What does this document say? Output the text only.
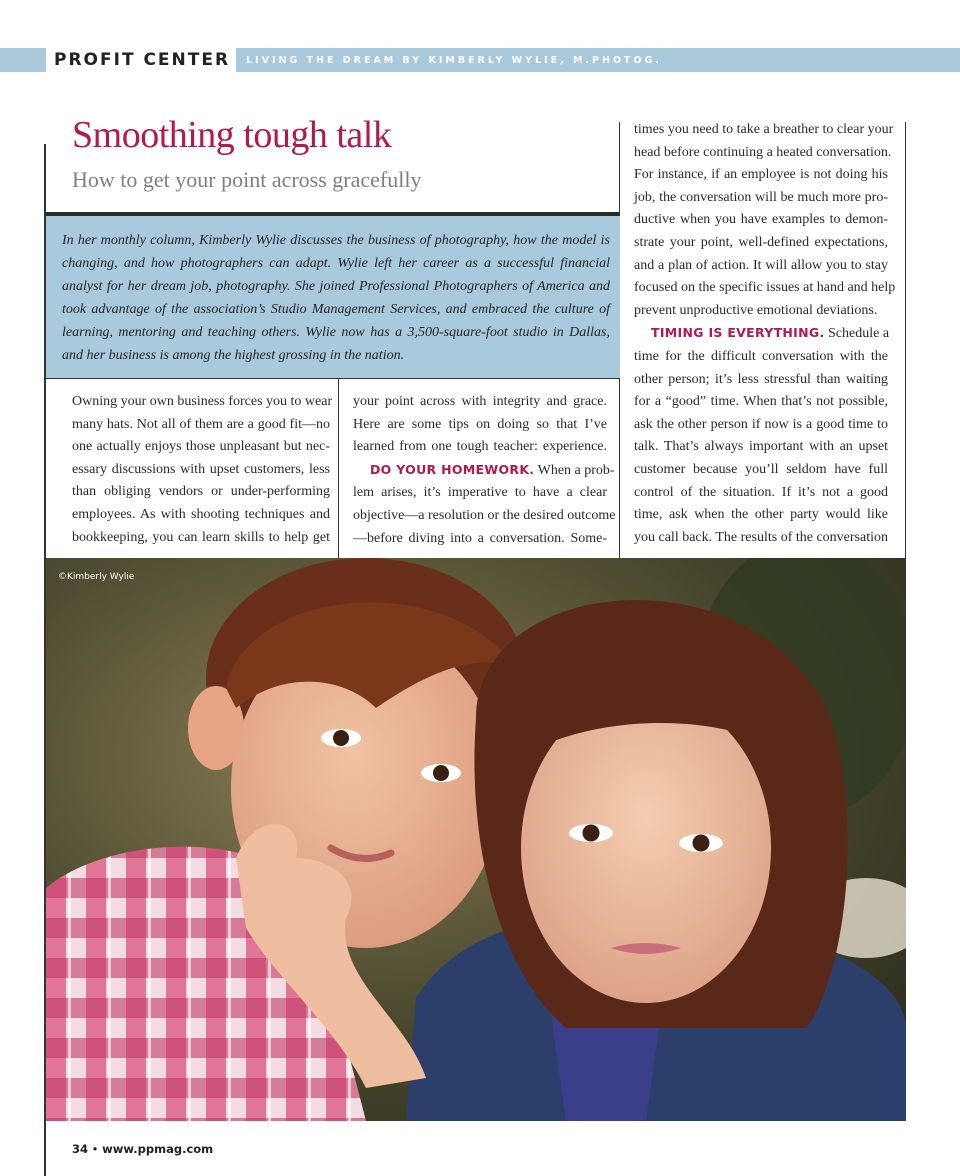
PROFIT CENTER LIVING THE DREAM BY KIMBERLY WYLIE, M.PHOTOG.
Smoothing tough talk
How to get your point across gracefully

In her monthly column, Kimberly Wylie discusses the business of photography, how the model is changing, and how photographers can adapt. Wylie left her career as a successful financial analyst for her dream job, photography. She joined Professional Photographers of America and took advantage of the association’s Studio Management Services, and embraced the culture of learning, mentoring and teaching others. Wylie now has a 3,500-square-foot studio in Dallas, and her business is among the highest grossing in the nation.

Owning your own business forces you to wear
many hats. Not all of them are a good fit—no
one actually enjoys those unpleasant but nec-
essary discussions with upset customers, less
than obliging vendors or under-performing
employees. As with shooting techniques and
bookkeeping, you can learn skills to help get
your point across with integrity and grace.
Here are some tips on doing so that I’ve
learned from one tough teacher: experience.
DO YOUR HOMEWORK. When a prob-
lem arises, it’s imperative to have a clear
objective—a resolution or the desired outcome
—before diving into a conversation. Some-
times you need to take a breather to clear your
head before continuing a heated conversation.
For instance, if an employee is not doing his
job, the conversation will be much more pro-
ductive when you have examples to demon-
strate your point, well-defined expectations,
and a plan of action. It will allow you to stay
focused on the specific issues at hand and help
prevent unproductive emotional deviations.
TIMING IS EVERYTHING. Schedule a
time for the difficult conversation with the
other person; it’s less stressful than waiting
for a “good” time. When that’s not possible,
ask the other person if now is a good time to
talk. That’s always important with an upset
customer because you’ll seldom have full
control of the situation. If it’s not a good
time, ask when the other party would like
you call back. The results of the conversation
©Kimberly Wylie
34 • www.ppmag.com
